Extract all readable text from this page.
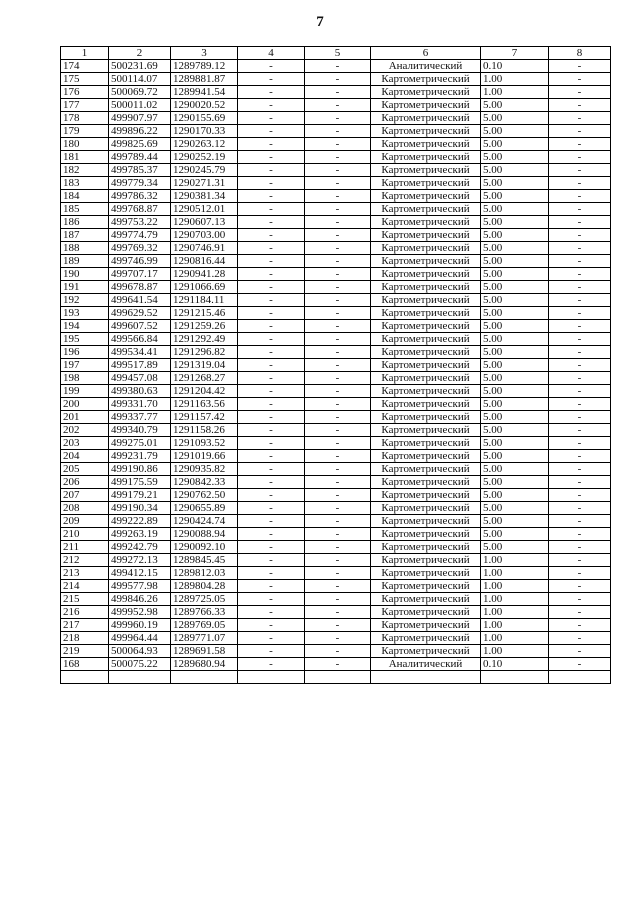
7
1	2	3	4	5	6	7	8
174	500231.69	1289789.12	-	-	Аналитический	0.10	-
175	500114.07	1289881.87	-	-	Картометрический	1.00	-
176	500069.72	1289941.54	-	-	Картометрический	1.00	-
177	500011.02	1290020.52	-	-	Картометрический	5.00	-
178	499907.97	1290155.69	-	-	Картометрический	5.00	-
179	499896.22	1290170.33	-	-	Картометрический	5.00	-
180	499825.69	1290263.12	-	-	Картометрический	5.00	-
181	499789.44	1290252.19	-	-	Картометрический	5.00	-
182	499785.37	1290245.79	-	-	Картометрический	5.00	-
183	499779.34	1290271.31	-	-	Картометрический	5.00	-
184	499786.32	1290381.34	-	-	Картометрический	5.00	-
185	499768.87	1290512.01	-	-	Картометрический	5.00	-
186	499753.22	1290607.13	-	-	Картометрический	5.00	-
187	499774.79	1290703.00	-	-	Картометрический	5.00	-
188	499769.32	1290746.91	-	-	Картометрический	5.00	-
189	499746.99	1290816.44	-	-	Картометрический	5.00	-
190	499707.17	1290941.28	-	-	Картометрический	5.00	-
191	499678.87	1291066.69	-	-	Картометрический	5.00	-
192	499641.54	1291184.11	-	-	Картометрический	5.00	-
193	499629.52	1291215.46	-	-	Картометрический	5.00	-
194	499607.52	1291259.26	-	-	Картометрический	5.00	-
195	499566.84	1291292.49	-	-	Картометрический	5.00	-
196	499534.41	1291296.82	-	-	Картометрический	5.00	-
197	499517.89	1291319.04	-	-	Картометрический	5.00	-
198	499457.08	1291268.27	-	-	Картометрический	5.00	-
199	499380.63	1291204.42	-	-	Картометрический	5.00	-
200	499331.70	1291163.56	-	-	Картометрический	5.00	-
201	499337.77	1291157.42	-	-	Картометрический	5.00	-
202	499340.79	1291158.26	-	-	Картометрический	5.00	-
203	499275.01	1291093.52	-	-	Картометрический	5.00	-
204	499231.79	1291019.66	-	-	Картометрический	5.00	-
205	499190.86	1290935.82	-	-	Картометрический	5.00	-
206	499175.59	1290842.33	-	-	Картометрический	5.00	-
207	499179.21	1290762.50	-	-	Картометрический	5.00	-
208	499190.34	1290655.89	-	-	Картометрический	5.00	-
209	499222.89	1290424.74	-	-	Картометрический	5.00	-
210	499263.19	1290088.94	-	-	Картометрический	5.00	-
211	499242.79	1290092.10	-	-	Картометрический	5.00	-
212	499272.13	1289845.45	-	-	Картометрический	1.00	-
213	499412.15	1289812.03	-	-	Картометрический	1.00	-
214	499577.98	1289804.28	-	-	Картометрический	1.00	-
215	499846.26	1289725.05	-	-	Картометрический	1.00	-
216	499952.98	1289766.33	-	-	Картометрический	1.00	-
217	499960.19	1289769.05	-	-	Картометрический	1.00	-
218	499964.44	1289771.07	-	-	Картометрический	1.00	-
219	500064.93	1289691.58	-	-	Картометрический	1.00	-
168	500075.22	1289680.94	-	-	Аналитический	0.10	-
